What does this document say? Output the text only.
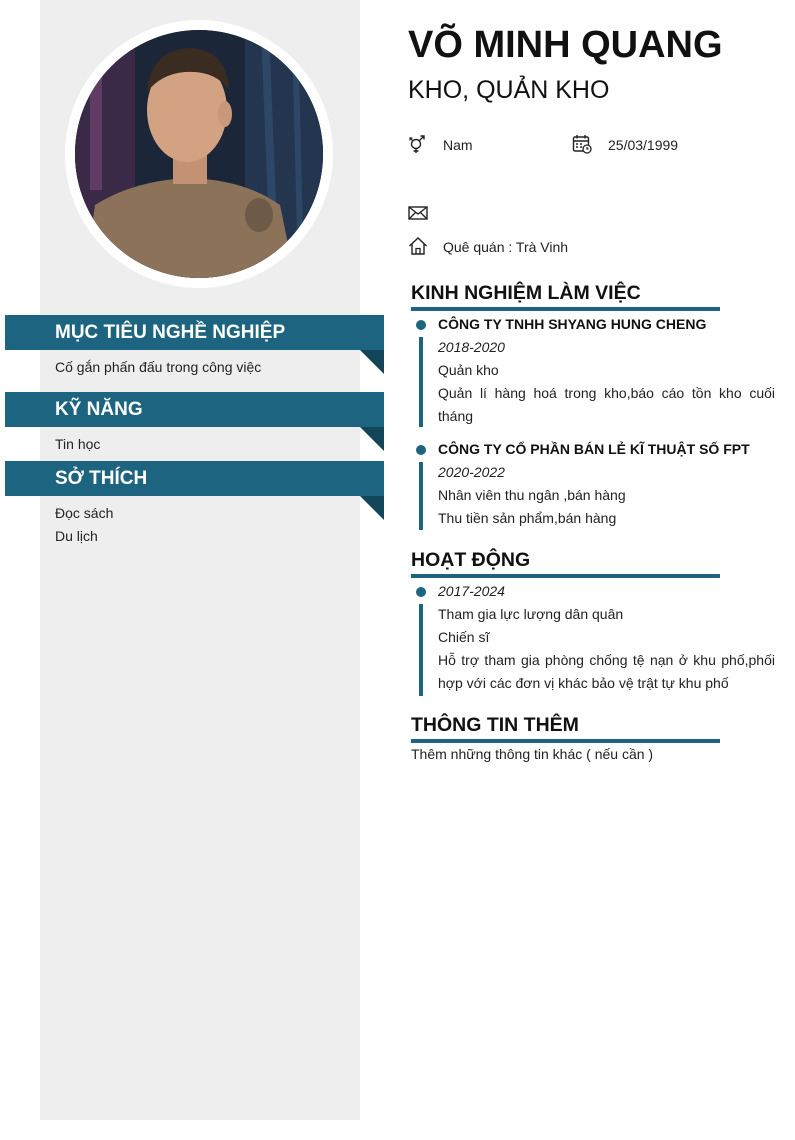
MỤC TIÊU NGHỀ NGHIỆP
Cố gắn phấn đấu trong công việc
KỸ NĂNG
Tin học
SỞ THÍCH
Đọc sách
Du lịch
VÕ MINH QUANG
KHO, QUẢN KHO
Nam	25/03/1999
Quê quán : Trà Vinh
KINH NGHIỆM LÀM VIỆC
CÔNG TY TNHH SHYANG HUNG CHENG
2018-2020
Quản kho
Quản lí hàng hoá trong kho,báo cáo tồn kho cuối tháng
CÔNG TY CỔ PHẦN BÁN LẺ KĨ THUẬT SỐ FPT
2020-2022
Nhân viên thu ngân ,bán hàng
Thu tiền sản phẩm,bán hàng
HOẠT ĐỘNG
2017-2024
Tham gia lực lượng dân quân
Chiến sĩ
Hỗ trợ tham gia phòng chống tệ nạn ở khu phố,phối hợp với các đơn vị khác bảo vệ trật tự khu phố
THÔNG TIN THÊM
Thêm những thông tin khác ( nếu cần )
